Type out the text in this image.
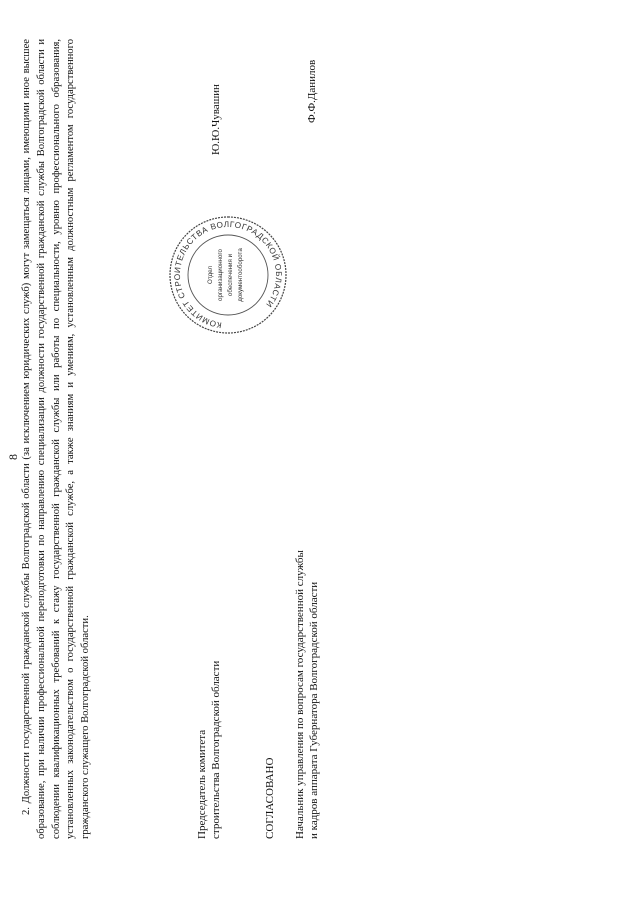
8 2. Должности государственной гражданской службы Волгоградской области (за исключением юридических служб) могут замещаться лицами, имеющими иное высшее образование, при наличии профессиональной переподготовки по направлению специализации должности государственной гражданской службы Волгоградской области и соблюдении квалификационных требований к стажу государственной гражданской службы или работы по специальности, уровню профессионального образования, установленных законодательством о государственной гражданской службе, а также знаниям и умениям, установленным должностным регламентом государственного гражданского служащего Волгоградской области.	Председатель комитета строительства Волгоградской области
Ю.Ю.Чувашин
СОГЛАСОВАНО Начальник управления по вопросам государственной службы и кадров аппарата Губернатора Волгоградской области
Ф.Ф.Данилов
КОМИТЕТ СТРОИТЕЛЬСТВА ВОЛГОГРАДСКОЙ ОБЛАСТИ
Отдел организационного обеспечения и документооборота
